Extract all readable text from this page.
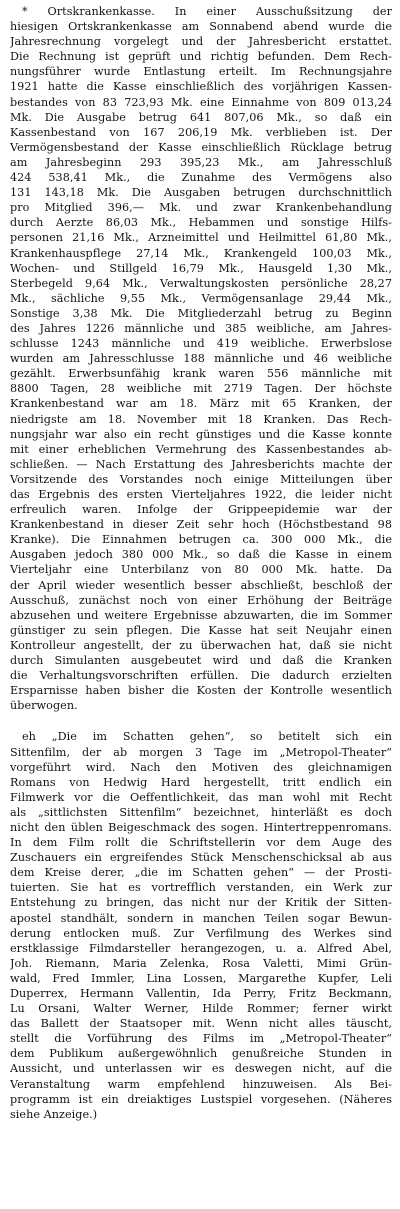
* Ortskrankenkasse. In einer Ausschußsitzung der
hiesigen Ortskrankenkasse am Sonnabend abend wurde die
Jahresrechnung vorgelegt und der Jahresbericht erstattet.
Die Rechnung ist geprüft und richtig befunden. Dem Rech-
nungsführer wurde Entlastung erteilt. Im Rechnungsjahre
1921 hatte die Kasse einschließlich des vorjährigen Kassen-
bestandes von 83 723,93 Mk. eine Einnahme von 809 013,24
Mk. Die Ausgabe betrug 641 807,06 Mk., so daß ein
Kassenbestand von 167 206,19 Mk. verblieben ist. Der
Vermögensbestand der Kasse einschließlich Rücklage betrug
am Jahresbeginn 293 395,23 Mk., am Jahresschluß
424 538,41 Mk., die Zunahme des Vermögens also
131 143,18 Mk. Die Ausgaben betrugen durchschnittlich
pro Mitglied 396,— Mk. und zwar Krankenbehandlung
durch Aerzte 86,03 Mk., Hebammen und sonstige Hilfs-
personen 21,16 Mk., Arzneimittel und Heilmittel 61,80 Mk.,
Krankenhauspflege 27,14 Mk., Krankengeld 100,03 Mk.,
Wochen- und Stillgeld 16,79 Mk., Hausgeld 1,30 Mk.,
Sterbegeld 9,64 Mk., Verwaltungskosten persönliche 28,27
Mk., sächliche 9,55 Mk., Vermögensanlage 29,44 Mk.,
Sonstige 3,38 Mk. Die Mitgliederzahl betrug zu Beginn
des Jahres 1226 männliche und 385 weibliche, am Jahres-
schlusse 1243 männliche und 419 weibliche. Erwerbslose
wurden am Jahresschlusse 188 männliche und 46 weibliche
gezählt. Erwerbsunfähig krank waren 556 männliche mit
8800 Tagen, 28 weibliche mit 2719 Tagen. Der höchste
Krankenbestand war am 18. März mit 65 Kranken, der
niedrigste am 18. November mit 18 Kranken. Das Rech-
nungsjahr war also ein recht günstiges und die Kasse konnte
mit einer erheblichen Vermehrung des Kassenbestandes ab-
schließen. — Nach Erstattung des Jahresberichts machte der
Vorsitzende des Vorstandes noch einige Mitteilungen über
das Ergebnis des ersten Vierteljahres 1922, die leider nicht
erfreulich waren. Infolge der Grippeepidemie war der
Krankenbestand in dieser Zeit sehr hoch (Höchstbestand 98
Kranke). Die Einnahmen betrugen ca. 300 000 Mk., die
Ausgaben jedoch 380 000 Mk., so daß die Kasse in einem
Vierteljahr eine Unterbilanz von 80 000 Mk. hatte. Da
der April wieder wesentlich besser abschließt, beschloß der
Ausschuß, zunächst noch von einer Erhöhung der Beiträge
abzusehen und weitere Ergebnisse abzuwarten, die im Sommer
günstiger zu sein pflegen. Die Kasse hat seit Neujahr einen
Kontrolleur angestellt, der zu überwachen hat, daß sie nicht
durch Simulanten ausgebeutet wird und daß die Kranken
die Verhaltungsvorschriften erfüllen. Die dadurch erzielten
Ersparnisse haben bisher die Kosten der Kontrolle wesentlich
überwogen.
eh „Die im Schatten gehen“, so betitelt sich ein
Sittenfilm, der ab morgen 3 Tage im „Metropol-Theater“
vorgeführt wird. Nach den Motiven des gleichnamigen
Romans von Hedwig Hard hergestellt, tritt endlich ein
Filmwerk vor die Oeffentlichkeit, das man wohl mit Recht
als „sittlichsten Sittenfilm“ bezeichnet, hinterläßt es doch
nicht den üblen Beigeschmack des sogen. Hintertreppenromans.
In dem Film rollt die Schriftstellerin vor dem Auge des
Zuschauers ein ergreifendes Stück Menschenschicksal ab aus
dem Kreise derer, „die im Schatten gehen“ — der Prosti-
tuierten. Sie hat es vortrefflich verstanden, ein Werk zur
Entstehung zu bringen, das nicht nur der Kritik der Sitten-
apostel standhält, sondern in manchen Teilen sogar Bewun-
derung entlocken muß. Zur Verfilmung des Werkes sind
erstklassige Filmdarsteller herangezogen, u. a. Alfred Abel,
Joh. Riemann, Maria Zelenka, Rosa Valetti, Mimi Grün-
wald, Fred Immler, Lina Lossen, Margarethe Kupfer, Leli
Duperrex, Hermann Vallentin, Ida Perry, Fritz Beckmann,
Lu Orsani, Walter Werner, Hilde Rommer; ferner wirkt
das Ballett der Staatsoper mit. Wenn nicht alles täuscht,
stellt die Vorführung des Films im „Metropol-Theater“
dem Publikum außergewöhnlich genußreiche Stunden in
Aussicht, und unterlassen wir es deswegen nicht, auf die
Veranstaltung warm empfehlend hinzuweisen. Als Bei-
programm ist ein dreiaktiges Lustspiel vorgesehen. (Näheres
siehe Anzeige.)
